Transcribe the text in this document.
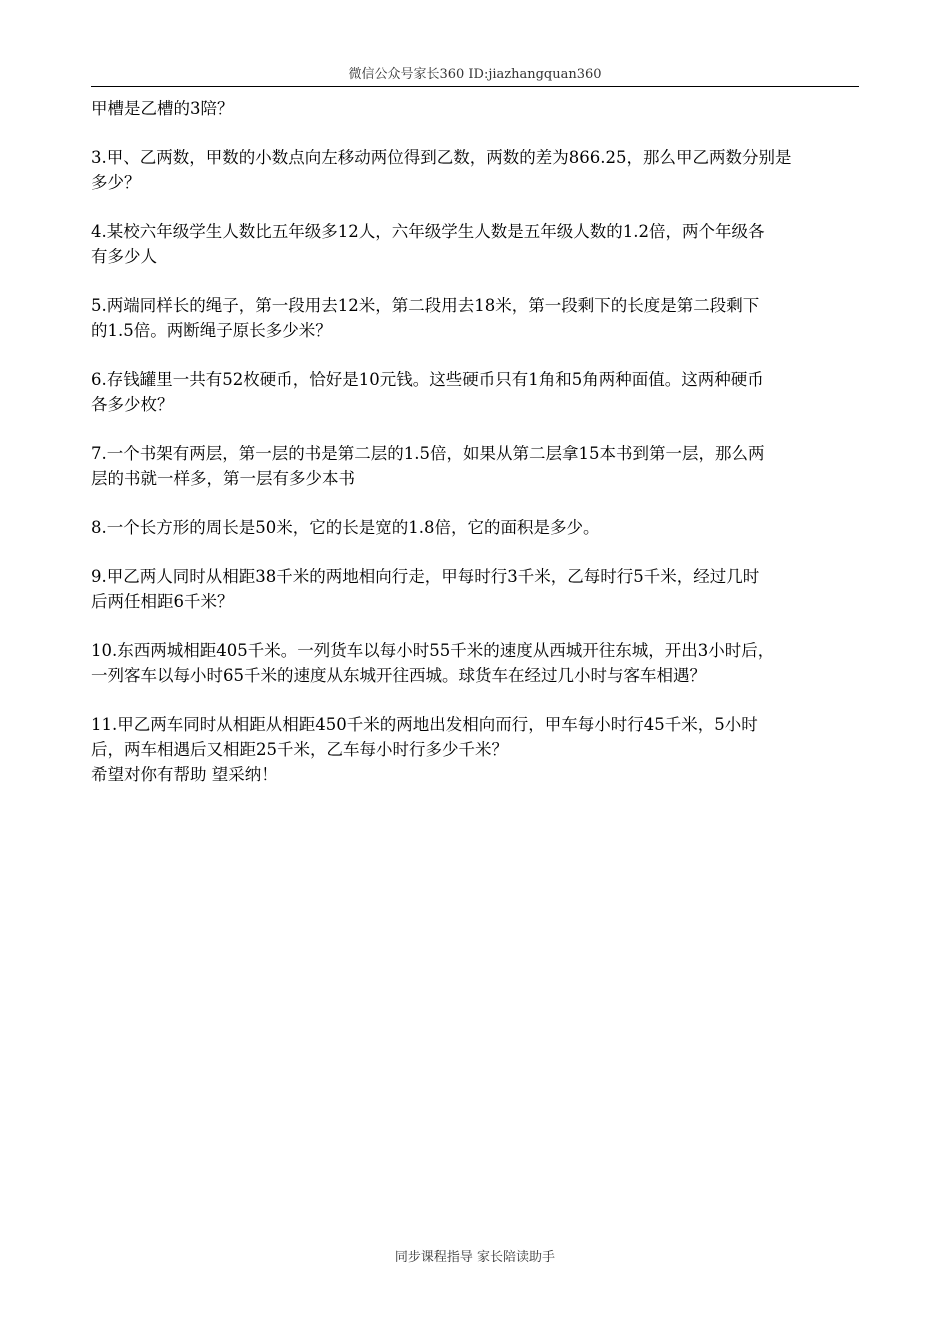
微信公众号家长360 ID:jiazhangquan360
甲槽是乙槽的3陪？
3.甲、乙两数，甲数的小数点向左移动两位得到乙数，两数的差为866.25，那么甲乙两数分别是
多少？
4.某校六年级学生人数比五年级多12人，六年级学生人数是五年级人数的1.2倍，两个年级各
有多少人
5.两端同样长的绳子，第一段用去12米，第二段用去18米，第一段剩下的长度是第二段剩下
的1.5倍。两断绳子原长多少米？
6.存钱罐里一共有52枚硬币，恰好是10元钱。这些硬币只有1角和5角两种面值。这两种硬币
各多少枚？
7.一个书架有两层，第一层的书是第二层的1.5倍，如果从第二层拿15本书到第一层，那么两
层的书就一样多，第一层有多少本书
8.一个长方形的周长是50米，它的长是宽的1.8倍，它的面积是多少。
9.甲乙两人同时从相距38千米的两地相向行走，甲每时行3千米，乙每时行5千米，经过几时
后两任相距6千米？
10.东西两城相距405千米。一列货车以每小时55千米的速度从西城开往东城，开出3小时后，
一列客车以每小时65千米的速度从东城开往西城。球货车在经过几小时与客车相遇？
11.甲乙两车同时从相距从相距450千米的两地出发相向而行，甲车每小时行45千米，5小时
后，两车相遇后又相距25千米，乙车每小时行多少千米？
希望对你有帮助 望采纳！
同步课程指导 家长陪读助手
